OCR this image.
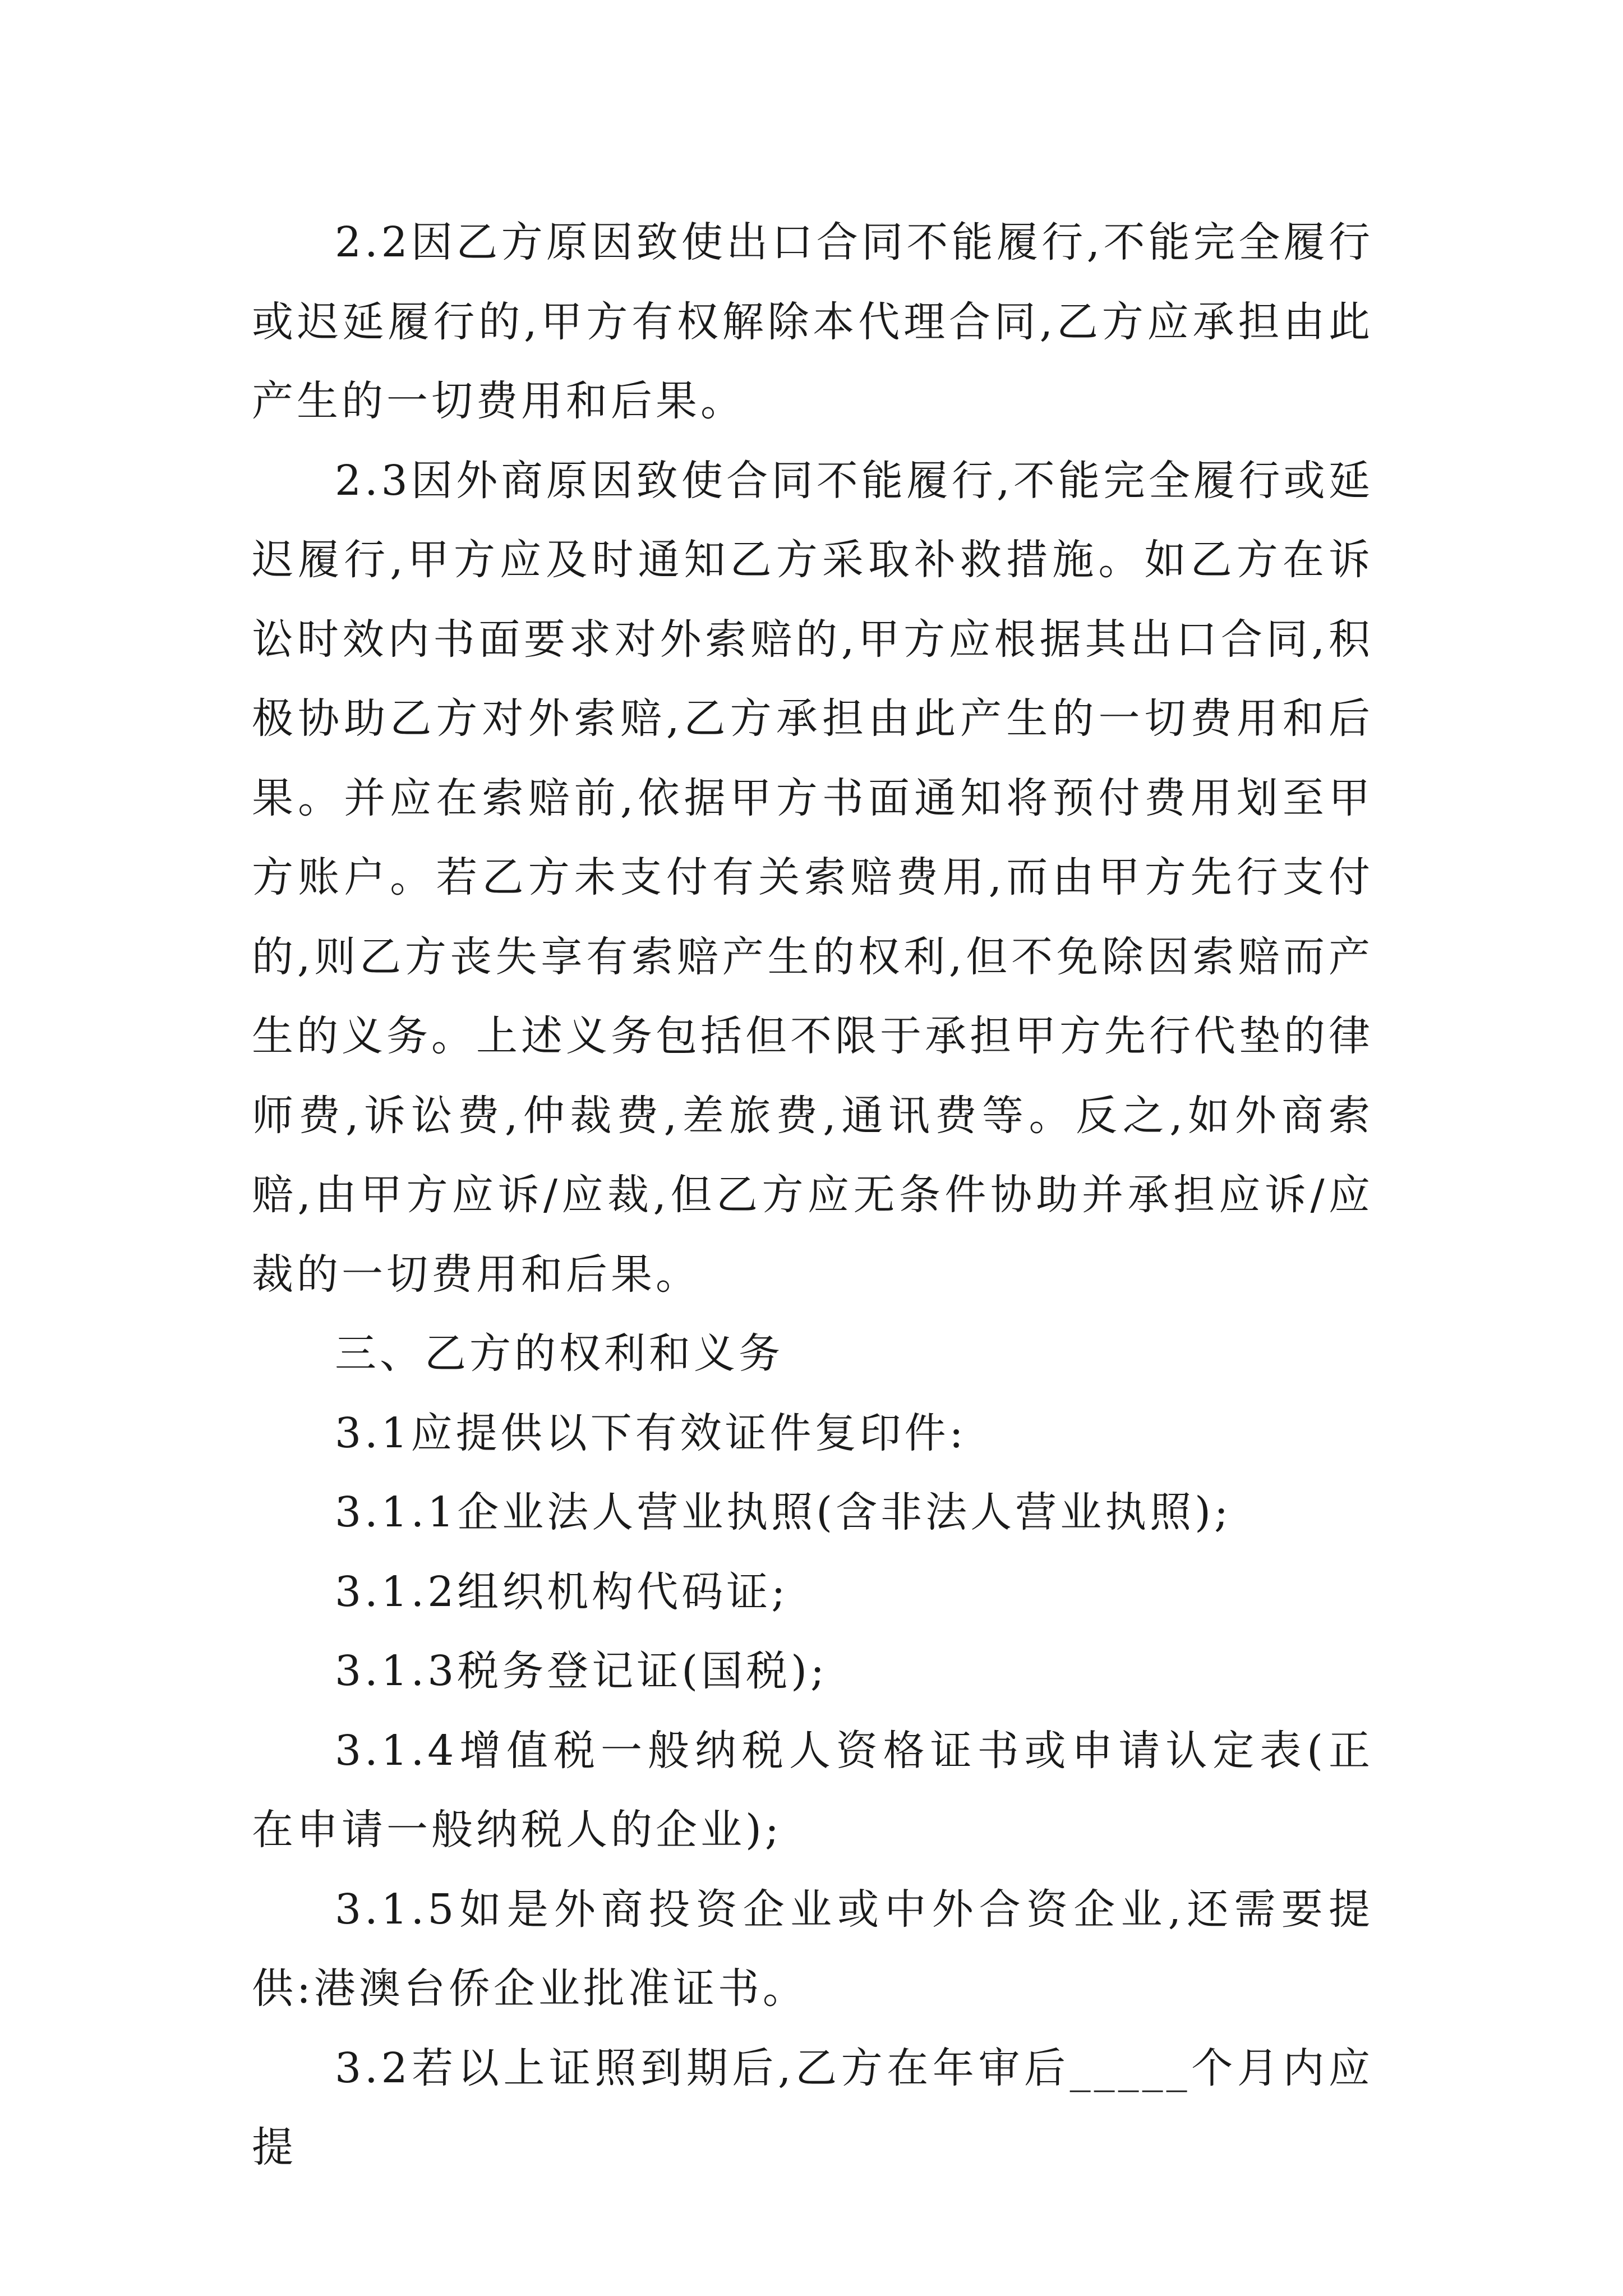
2.2因乙方原因致使出口合同不能履行,不能完全履行或迟延履行的,甲方有权解除本代理合同,乙方应承担由此产生的一切费用和后果。

2.3因外商原因致使合同不能履行,不能完全履行或延迟履行,甲方应及时通知乙方采取补救措施。如乙方在诉讼时效内书面要求对外索赔的,甲方应根据其出口合同,积极协助乙方对外索赔,乙方承担由此产生的一切费用和后果。并应在索赔前,依据甲方书面通知将预付费用划至甲方账户。若乙方未支付有关索赔费用,而由甲方先行支付的,则乙方丧失享有索赔产生的权利,但不免除因索赔而产生的义务。上述义务包括但不限于承担甲方先行代垫的律师费,诉讼费,仲裁费,差旅费,通讯费等。反之,如外商索赔,由甲方应诉/应裁,但乙方应无条件协助并承担应诉/应裁的一切费用和后果。

三、乙方的权利和义务

3.1应提供以下有效证件复印件:

3.1.1企业法人营业执照(含非法人营业执照);

3.1.2组织机构代码证;

3.1.3税务登记证(国税);

3.1.4增值税一般纳税人资格证书或申请认定表(正在申请一般纳税人的企业);

3.1.5如是外商投资企业或中外合资企业,还需要提供:港澳台侨企业批准证书。

3.2若以上证照到期后,乙方在年审后_____个月内应提
